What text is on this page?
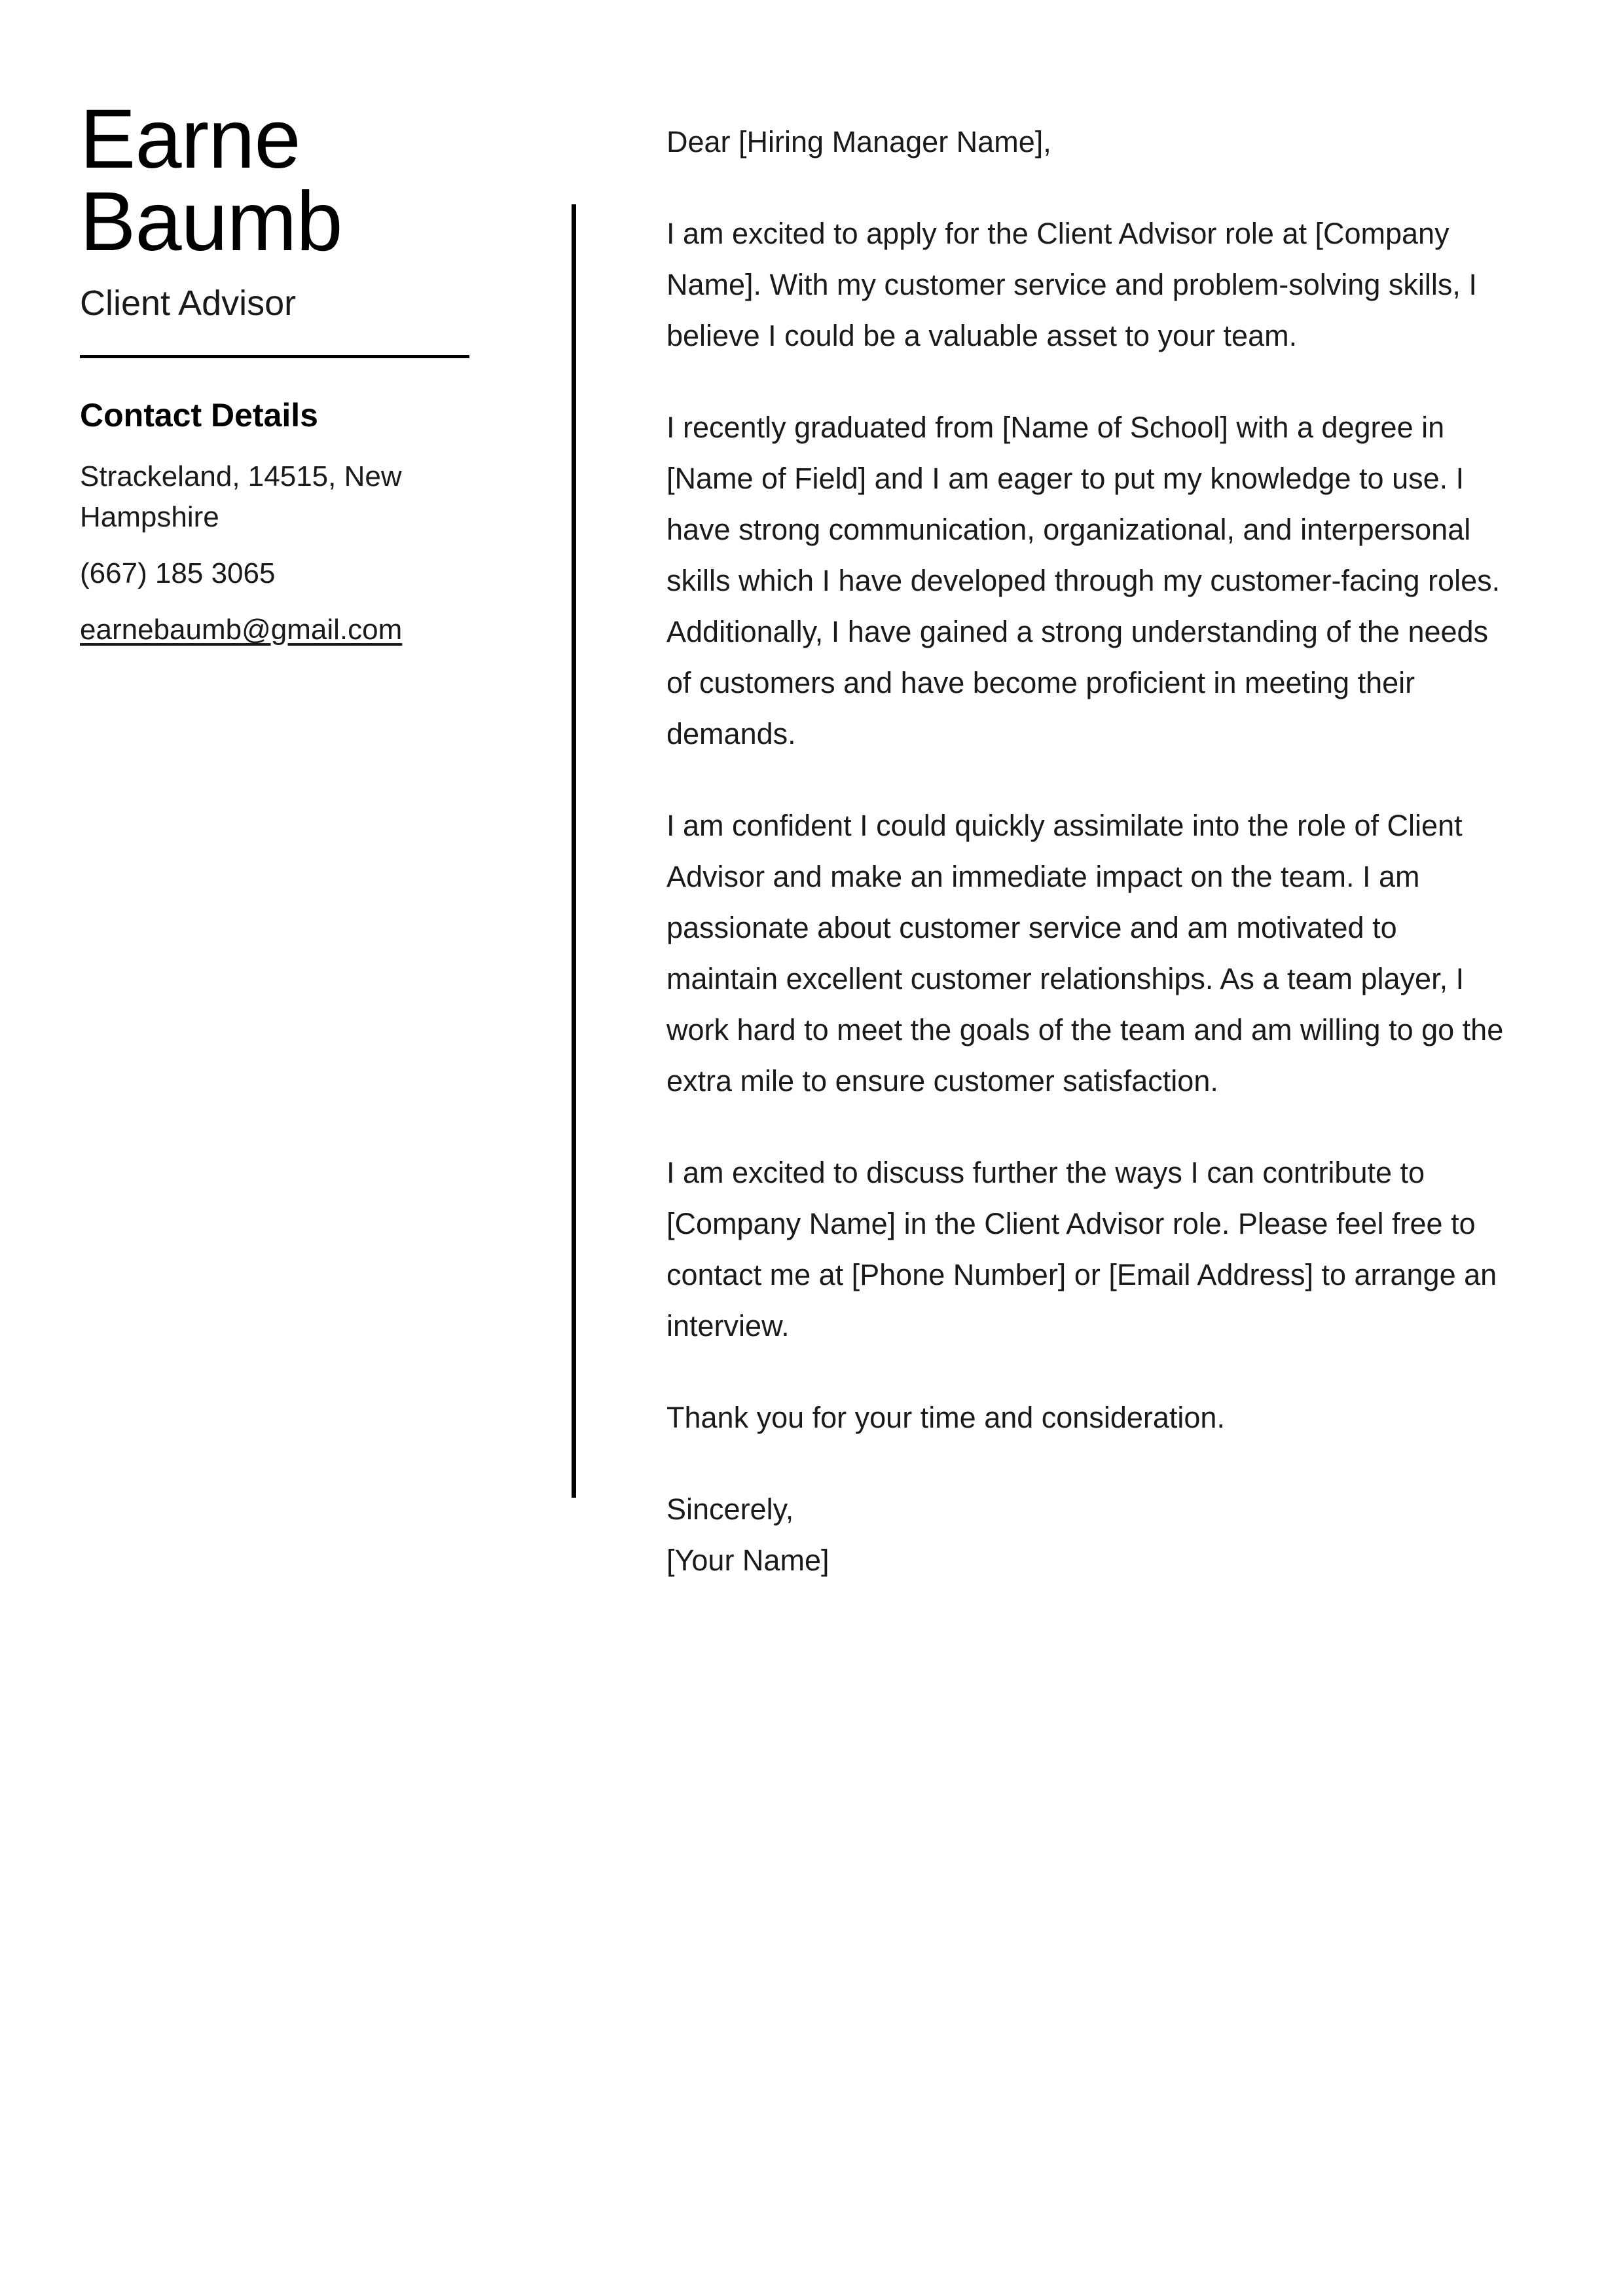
Earne
Baumb
Client Advisor
Contact Details
Strackeland, 14515, New Hampshire
(667) 185 3065
earnebaumb@gmail.com

Dear [Hiring Manager Name],

I am excited to apply for the Client Advisor role at [Company Name]. With my customer service and problem-solving skills, I believe I could be a valuable asset to your team.

I recently graduated from [Name of School] with a degree in [Name of Field] and I am eager to put my knowledge to use. I have strong communication, organizational, and interpersonal skills which I have developed through my customer-facing roles. Additionally, I have gained a strong understanding of the needs of customers and have become proficient in meeting their demands.

I am confident I could quickly assimilate into the role of Client Advisor and make an immediate impact on the team. I am passionate about customer service and am motivated to maintain excellent customer relationships. As a team player, I work hard to meet the goals of the team and am willing to go the extra mile to ensure customer satisfaction.

I am excited to discuss further the ways I can contribute to [Company Name] in the Client Advisor role. Please feel free to contact me at [Phone Number] or [Email Address] to arrange an interview.

Thank you for your time and consideration.

Sincerely,

[Your Name]
